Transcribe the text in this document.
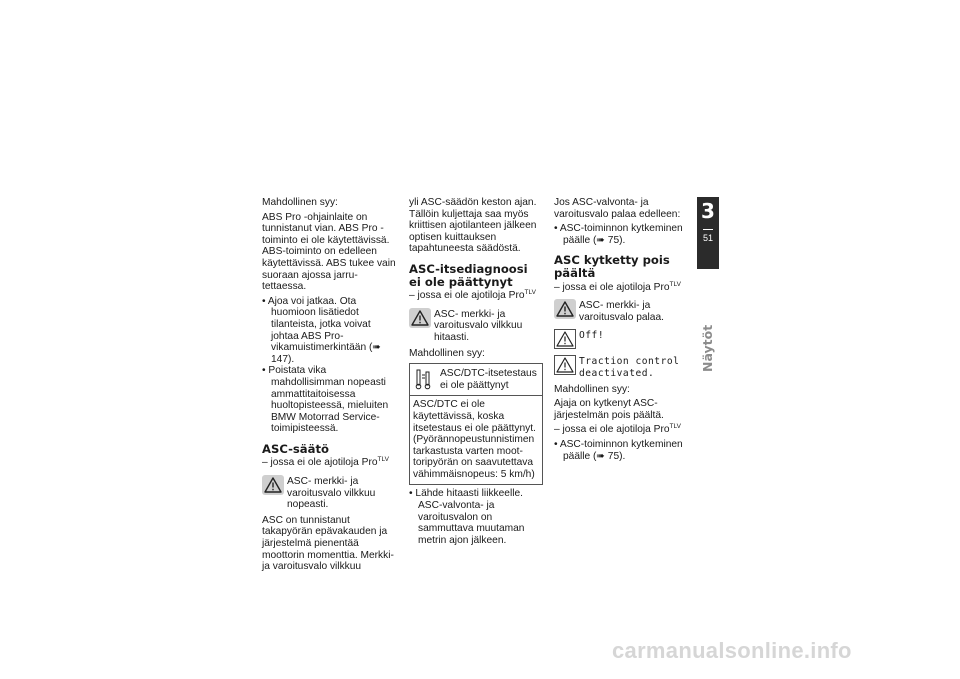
Mahdollinen syy:

ABS Pro -ohjainlaite on tunnistanut vian. ABS Pro -toiminto ei ole käytettävissä. ABS-toiminto on edelleen käytettävissä. ABS tukee vain suoraan ajossa jarrutettaessa.

• Ajoa voi jatkaa. Ota huomioon lisätiedot tilanteista, jotka voivat johtaa ABS Pro-vikamuistimerkintään (➠ 147).

• Poistata vika mahdollisimman nopeasti ammattitaitoisessa huoltopisteessä, mieluiten BMW Motorrad Service-toimipisteessä.

ASC-säätö

– jossa ei ole ajotiloja Pro$^{TLV}$

ASC- merkki- ja varoitusvalo vilkkuu nopeasti.

ASC on tunnistanut takapyörän epävakauden ja järjestelmä pienentää moottorin momenttia. Merkki- ja varoitusvalo vilkkuu

yli ASC-säädön keston ajan. Tällöin kuljettaja saa myös kriittisen ajotilanteen jälkeen optisen kuittauksen tapahtuneesta säädöstä.

ASC-itsediagnoosi ei ole päättynyt

– jossa ei ole ajotiloja Pro$^{TLV}$

ASC- merkki- ja varoitusvalo vilkkuu hitaasti.

Mahdollinen syy:

ASC/DTC-itsetestaus ei ole päättynyt
ASC/DTC ei ole käytettävissä, koska itsetestaus ei ole päättynyt. (Pyörännopeustunnistimen tarkastusta varten moottoripyörän on saavutettava vähimmäisnopeus: 5 km/h)

• Lähde hitaasti liikkeelle. ASC-valvonta- ja varoitusvalon on sammuttava muutaman metrin ajon jälkeen.

Jos ASC-valvonta- ja varoitusvalo palaa edelleen:

• ASC-toiminnon kytkeminen päälle (➠ 75).

ASC kytketty pois päältä

– jossa ei ole ajotiloja Pro$^{TLV}$

ASC- merkki- ja varoitusvalo palaa.
Off!
Traction control
deactivated.

Mahdollinen syy:

Ajaja on kytkenyt ASC-järjestelmän pois päältä.

– jossa ei ole ajotiloja Pro$^{TLV}$

• ASC-toiminnon kytkeminen päälle (➠ 75).

3
51
Näytöt
carmanualsonline.info
